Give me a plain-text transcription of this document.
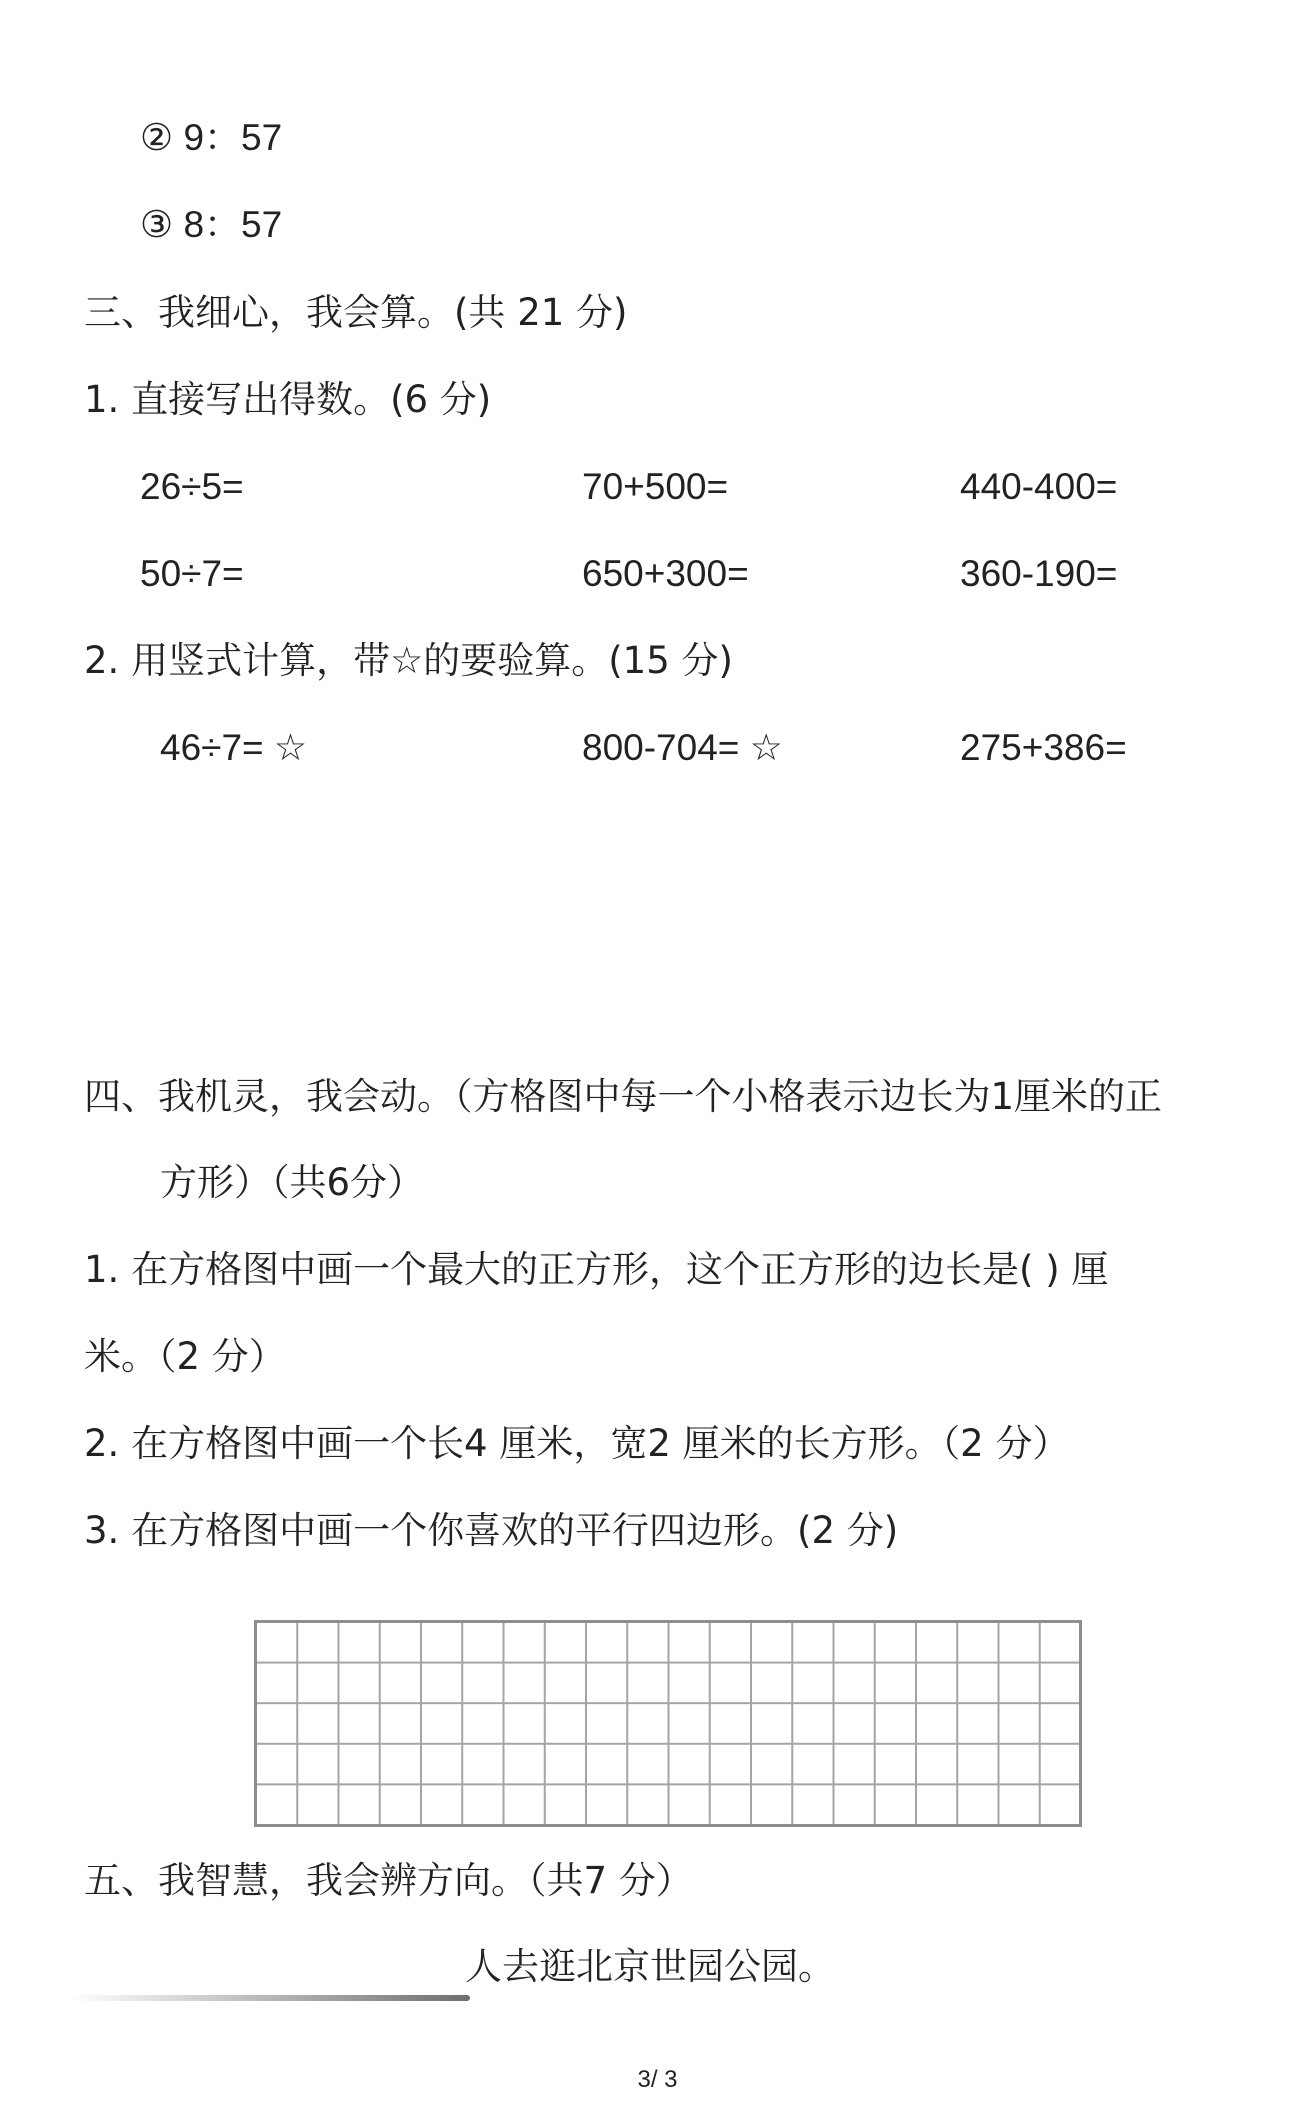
② 9：57
③ 8：57
三、我细心，我会算。(共 21 分)
1. 直接写出得数。(6 分)
26÷5=	70+500=	440-400=
50÷7=	650+300=	360-190=
2. 用竖式计算，带☆的要验算。(15 分)
46÷7= ☆	800-704= ☆	275+386=
四、我机灵，我会动。（方格图中每一个小格表示边长为1厘米的正
方形）（共6分）
1. 在方格图中画一个最大的正方形，这个正方形的边长是( ) 厘
米。（2 分）
2. 在方格图中画一个长4 厘米，宽2 厘米的长方形。（2 分）
3. 在方格图中画一个你喜欢的平行四边形。(2 分)
五、我智慧，我会辨方向。（共7 分）
人去逛北京世园公园。
3/ 3
